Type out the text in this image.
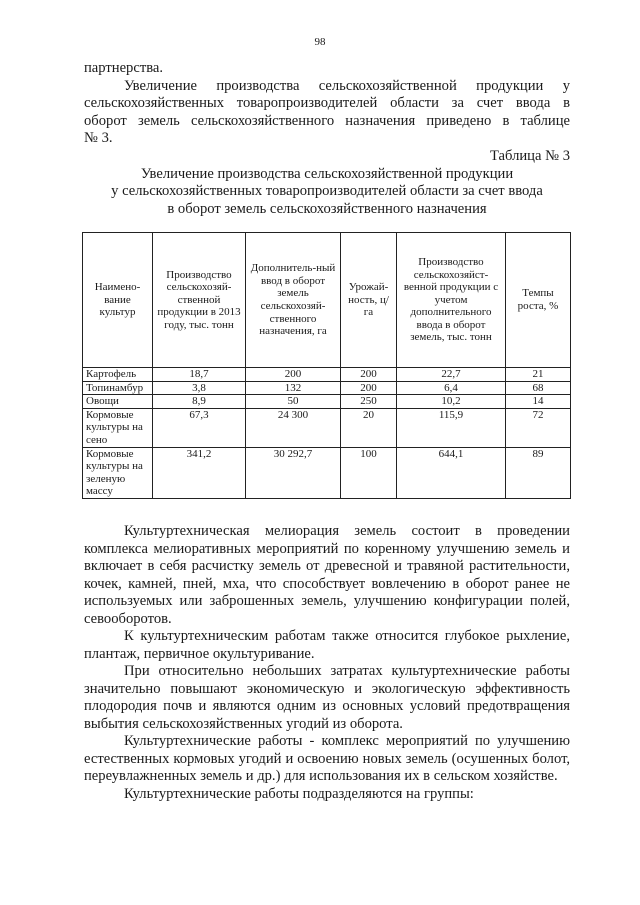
98
партнерства.
Увеличение производства сельскохозяйственной продукции у
сельскохозяйственных товаропроизводителей области за счет ввода в
оборот земель сельскохозяйственного назначения приведено в таблице
№ 3.
Таблица № 3
Увеличение производства сельскохозяйственной продукции
у сельскохозяйственных товаропроизводителей области за счет ввода
в оборот земель сельскохозяйственного назначения
Наимено-вание культур	Производство сельскохозяй-ственной продукции в 2013 году, тыс. тонн	Дополнитель-ный ввод в оборот земель сельскохозяй-ственного назначения, га	Урожай-ность, ц/га	Производство сельскохозяйст-венной продукции с учетом дополнительного ввода в оборот земель, тыс. тонн	Темпы роста, %
Картофель	18,7	200	200	22,7	21
Топинамбур	3,8	132	200	6,4	68
Овощи	8,9	50	250	10,2	14
Кормовые культуры на сено	67,3	24 300	20	115,9	72
Кормовые культуры на зеленую массу	341,2	30 292,7	100	644,1	89
Культуртехническая мелиорация земель состоит в проведении комплекса мелиоративных мероприятий по коренному улучшению земель и включает в себя расчистку земель от древесной и травяной растительности, кочек, камней, пней, мха, что способствует вовлечению в оборот ранее не используемых или заброшенных земель, улучшению конфигурации полей, севооборотов.
К культуртехническим работам также относится глубокое рыхление, плантаж, первичное окультуривание.
При относительно небольших затратах культуртехнические работы значительно повышают экономическую и экологическую эффективность плодородия почв и являются одним из основных условий предотвращения выбытия сельскохозяйственных угодий из оборота.
Культуртехнические работы - комплекс мероприятий по улучшению естественных кормовых угодий и освоению новых земель (осушенных болот, переувлажненных земель и др.) для использования их в сельском хозяйстве.
Культуртехнические работы подразделяются на группы:
